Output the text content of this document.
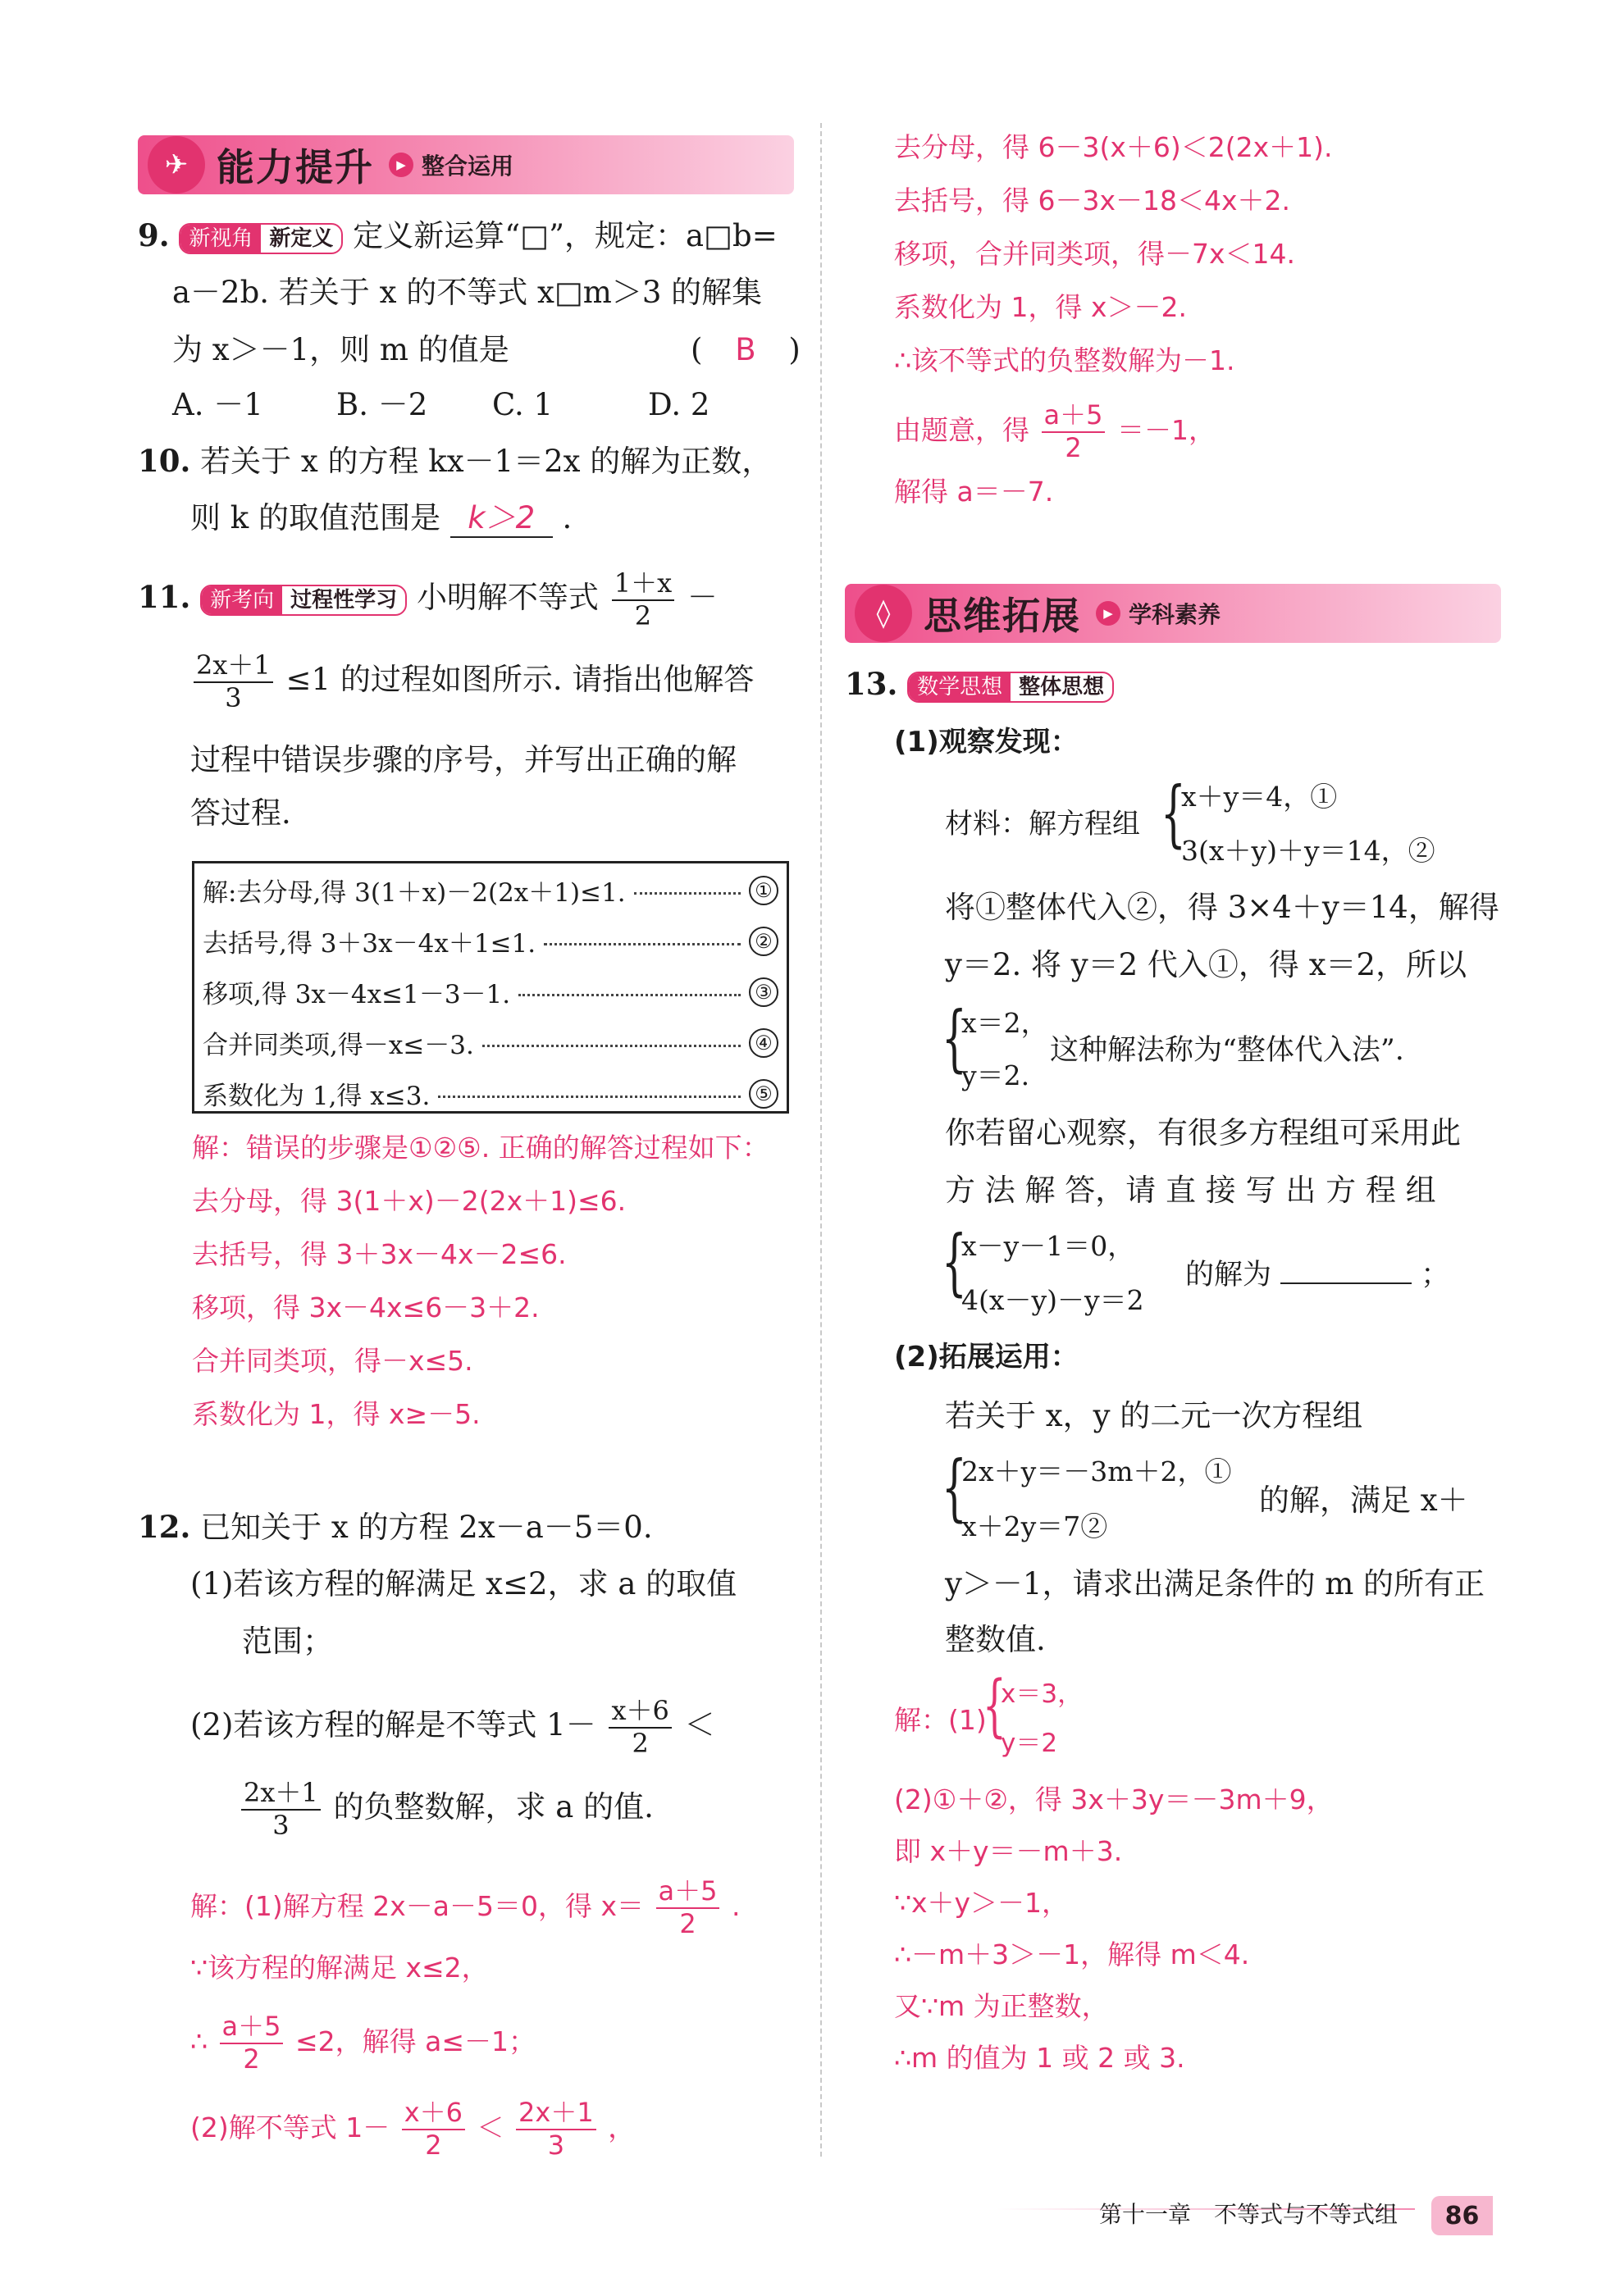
✈ 能力提升	▶ 整合运用
9. 新视角 新定义 定义新运算“□”，规定：a□b=
a－2b. 若关于 x 的不等式 x□m＞3 的解集
为 x＞－1，则 m 的值是	( B )
A. －1 B. －2 C. 1	D. 2
10. 若关于 x 的方程 kx－1＝2x 的解为正数，
则 k 的取值范围是 k＞2 .
11. 新考向 过程性学习 小明解不等式 $\frac{1+x}{2}$ －
$\frac{2x+1}{3} \le 1$ 的过程如图所示. 请指出他解答
过程中错误步骤的序号，并写出正确的解
答过程.
解:去分母,得 3(1＋x)－2(2x＋1)≤1.	①
去括号,得 3＋3x－4x＋1≤1.	②
移项,得 3x－4x≤1－3－1.	③
合并同类项,得－x≤－3.	④
系数化为 1,得 x≤3.	⑤
解：错误的步骤是①②⑤. 正确的解答过程如下：
去分母，得 3(1＋x)－2(2x＋1)≤6.
去括号，得 3＋3x－4x－2≤6.
移项，得 3x－4x≤6－3＋2.
合并同类项，得－x≤5.
系数化为 1，得 x≥－5.
12. 已知关于 x 的方程 2x－a－5＝0.
(1)若该方程的解满足 x≤2，求 a 的取值
范围；
(2)若该方程的解是不等式 $1- \frac{x+6}{2}$ ＜
$\frac{2x+1}{3}$ 的负整数解，求 a 的值.
解：(1)解方程 2x－a－5＝0，得 $x= \frac{a+5}{2}$ .
∵该方程的解满足 x≤2，
∴ $\frac{a+5}{2} \le 2$，解得 a≤－1；
(2)解不等式 $1- \frac{x+6}{2} < \frac{2x+1}{3}$ ，
去分母，得 6－3(x＋6)＜2(2x＋1).
去括号，得 6－3x－18＜4x＋2.
移项，合并同类项，得－7x＜14.
系数化为 1，得 x＞－2.
∴该不等式的负整数解为－1.
由题意，得 $\frac{a+5}{2} =-1$，
解得 a＝－7.
◊ 思维拓展	▶ 学科素养
13. 数学思想 整体思想
(1)观察发现：
材料：解方程组 {
x＋y＝4，①
3(x＋y)＋y＝14，②
将①整体代入②，得 3×4＋y＝14，解得
y＝2. 将 y＝2 代入①，得 x＝2，所以
{
x＝2，
y＝2.
这种解法称为“整体代入法”.
你若留心观察，有很多方程组可采用此
方 法 解 答，请 直 接 写 出 方 程 组
{
x－y－1＝0，
4(x－y)－y＝2
的解为	；
(2)拓展运用：
若关于 x，y 的二元一次方程组
{
2x＋y＝－3m＋2，①
x＋2y＝7②
的解，满足 x＋
y＞－1，请求出满足条件的 m 的所有正
整数值.
解：(1)
{
x＝3，
y＝2
(2)①＋②，得 3x＋3y＝－3m＋9，
即 x＋y＝－m＋3.
∵x＋y＞－1，
∴－m＋3＞－1，解得 m＜4.
又∵m 为正整数，
∴m 的值为 1 或 2 或 3.
第十一章　不等式与不等式组	86
